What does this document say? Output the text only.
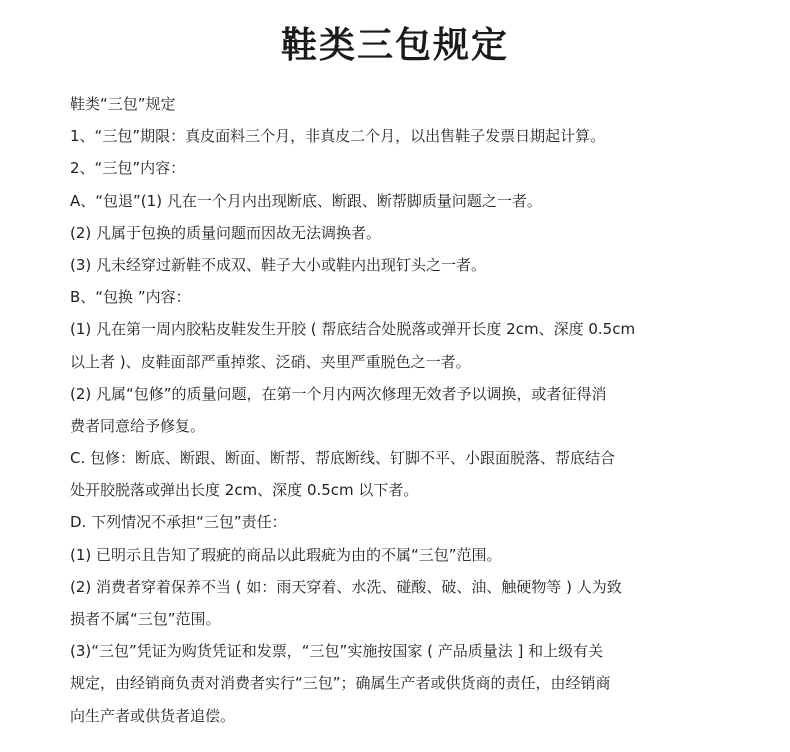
鞋类三包规定
鞋类“三包”规定
1、“三包”期限：真皮面料三个月，非真皮二个月，以出售鞋子发票日期起计算。
2、“三包”内容：
A、“包退”(1) 凡在一个月内出现断底、断跟、断帮脚质量问题之一者。
(2) 凡属于包换的质量问题而因故无法调换者。
(3) 凡未经穿过新鞋不成双、鞋子大小或鞋内出现钉头之一者。
B、“包换 ”内容：
(1) 凡在第一周内胶粘皮鞋发生开胶 ( 帮底结合处脱落或弹开长度 2cm、深度 0.5cm
以上者 )、皮鞋面部严重掉浆、泛硝、夹里严重脱色之一者。
(2) 凡属“包修”的质量问题，在第一个月内两次修理无效者予以调换，或者征得消
费者同意给予修复。
C. 包修：断底、断跟、断面、断帮、帮底断线、钉脚不平、小跟面脱落、帮底结合
处开胶脱落或弹出长度 2cm、深度 0.5cm 以下者。
D. 下列情况不承担“三包”责任：
(1) 已明示且告知了瑕疵的商品以此瑕疵为由的不属“三包”范围。
(2) 消费者穿着保养不当 ( 如：雨天穿着、水洗、碰酸、破、油、触硬物等 ) 人为致
损者不属“三包”范围。
(3)“三包”凭证为购货凭证和发票，“三包”实施按国家 ( 产品质量法 ] 和上级有关
规定，由经销商负责对消费者实行“三包”；确属生产者或供货商的责任，由经销商
向生产者或供货者追偿。
